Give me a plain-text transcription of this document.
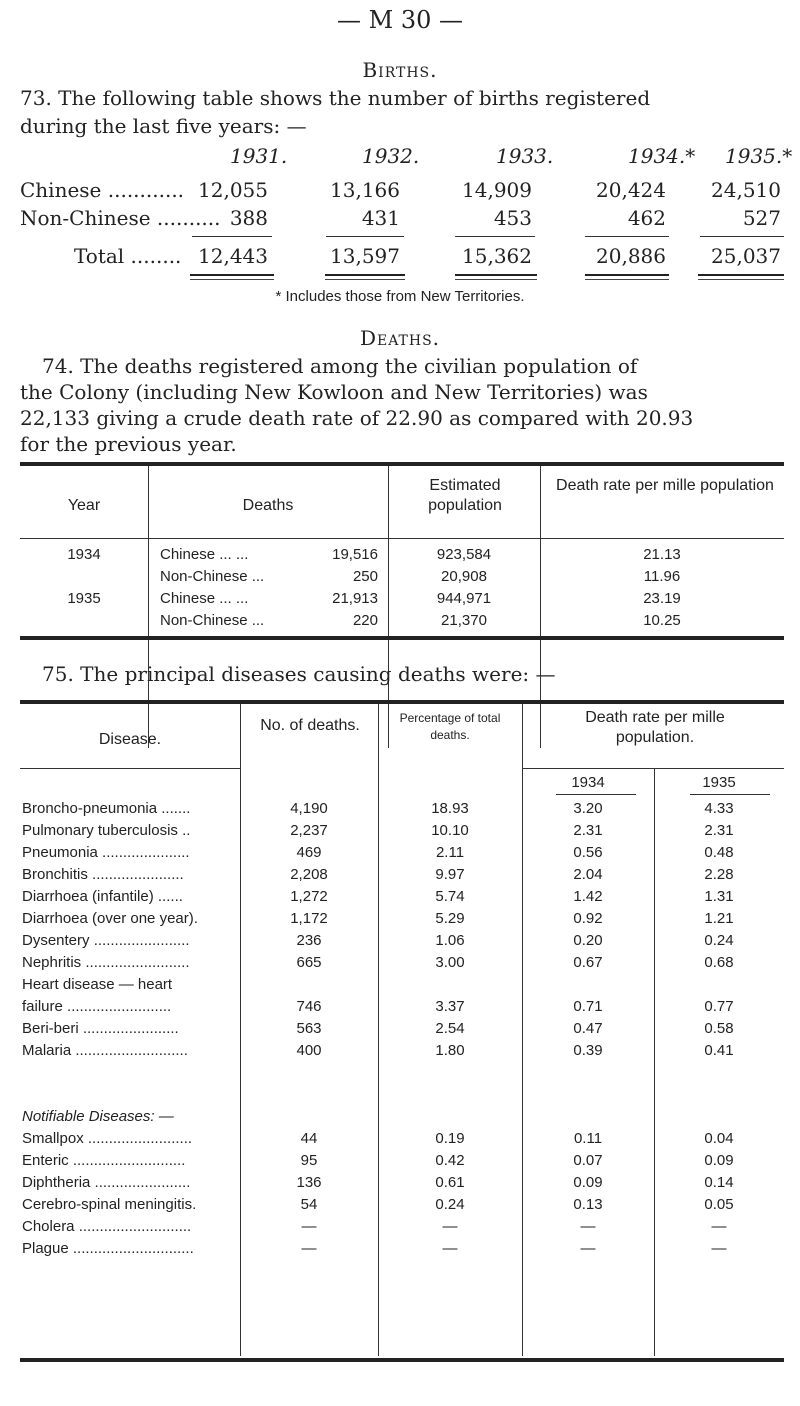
— M 30 —
Births.
73. The following table shows the number of births registered
during the last five years: —
1931.	1932.	1933.	1934.* 1935.*
Chinese ............ 12,055	13,166	14,909	20,424	24,510
Non-Chinese .......... 388	431	453	462	527
Total ........ 12,443	13,597	15,362	20,886	25,037
* Includes those from New Territories.
Deaths.
74. The deaths registered among the civilian population of
the Colony (including New Kowloon and New Territories) was
22,133 giving a crude death rate of 22.90 as compared with 20.93
for the previous year.
Year	Deaths
Estimated population
Death rate per mille population
1934	Chinese ... ...	19,516	923,584	21.13
Non-Chinese ...	250	20,908	11.96
1935	Chinese ... ...	21,913	944,971	23.19
Non-Chinese ...	220	21,370	10.25
75. The principal diseases causing deaths were: —
Disease.
No. of deaths.	Percentage of total deaths.
Death rate per mille population.
1934	1935
Broncho-pneumonia .......	4,190	18.93	3.20	4.33
Pulmonary tuberculosis ..	2,237	10.10	2.31	2.31
Pneumonia .....................	469	2.11	0.56	0.48
Bronchitis ......................	2,208	9.97	2.04	2.28
Diarrhoea (infantile) ......	1,272	5.74	1.42	1.31
Diarrhoea (over one year).	1,172	5.29	0.92	1.21
Dysentery .......................	236	1.06	0.20	0.24
Nephritis .........................	665	3.00	0.67	0.68
Heart disease — heart
failure .........................	746	3.37	0.71	0.77
Beri-beri .......................	563	2.54	0.47	0.58
Malaria ...........................	400	1.80	0.39	0.41
Notifiable Diseases: —
Smallpox .........................	44	0.19	0.11	0.04
Enteric ...........................	95	0.42	0.07	0.09
Diphtheria .......................	136	0.61	0.09	0.14
Cerebro-spinal meningitis.	54	0.24	0.13	0.05
Cholera ...........................	—	—	—	—
Plague .............................	—	—	—	—
